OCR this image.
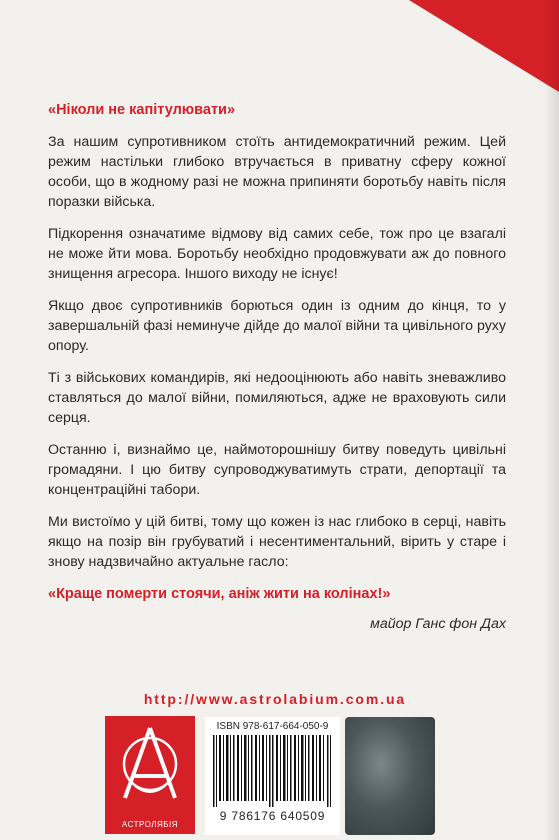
«Ніколи не капітулювати»

За нашим супротивником стоїть антидемократичний режим. Цей режим настільки глибоко втручається в приватну сферу кожної особи, що в жодному разі не можна припиняти боротьбу навіть після поразки війська.

Підкорення означатиме відмову від самих себе, тож про це взагалі не може йти мова. Боротьбу необхідно продовжувати аж до повного знищення агресора. Іншого виходу не існує!

Якщо двоє супротивників борються один із одним до кінця, то у завершальній фазі неминуче дійде до малої війни та цивільного руху опору.

Ті з військових командирів, які недооцінюють або навіть зневажливо ставляться до малої війни, помиляються, адже не враховують сили серця.

Останню і, визнаймо це, наймоторошнішу битву поведуть цивільні громадяни. І цю битву супроводжуватимуть страти, депортації та концентраційні табори.

Ми вистоїмо у цій битві, тому що кожен із нас глибоко в серці, навіть якщо на позір він грубуватий і несентиментальний, вірить у старе і знову надзвичайно актуальне гасло:

«Краще померти стоячи, аніж жити на колінах!»

майор Ганс фон Дах

http://www.astrolabium.com.ua
АСТРОЛЯБІЯ
ISBN 978-617-664-050-9
9 786176 640509
